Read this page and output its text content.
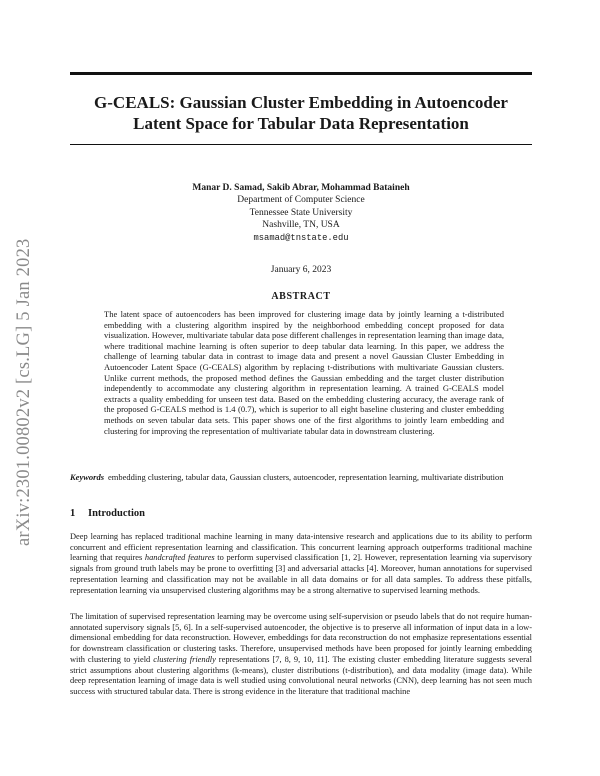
G-CEALS: Gaussian Cluster Embedding in Autoencoder
Latent Space for Tabular Data Representation
arXiv:2301.00802v2 [cs.LG] 5 Jan 2023
Manar D. Samad, Sakib Abrar, Mohammad Bataineh
Department of Computer Science
Tennessee State University
Nashville, TN, USA
msamad@tnstate.edu
January 6, 2023
ABSTRACT
The latent space of autoencoders has been improved for clustering image data by jointly learning a t-distributed embedding with a clustering algorithm inspired by the neighborhood embedding concept proposed for data visualization. However, multivariate tabular data pose different challenges in representation learning than image data, where traditional machine learning is often superior to deep tabular data learning. In this paper, we address the challenge of learning tabular data in contrast to image data and present a novel Gaussian Cluster Embedding in Autoencoder Latent Space (G-CEALS) algorithm by replacing t-distributions with multivariate Gaussian clusters. Unlike current methods, the proposed method defines the Gaussian embedding and the target cluster distribution independently to accommodate any clustering algorithm in representation learning. A trained G-CEALS model extracts a quality embedding for unseen test data. Based on the embedding clustering accuracy, the average rank of the proposed G-CEALS method is 1.4 (0.7), which is superior to all eight baseline clustering and cluster embedding methods on seven tabular data sets. This paper shows one of the first algorithms to jointly learn embedding and clustering for improving the representation of multivariate tabular data in downstream clustering.
Keywords embedding clustering, tabular data, Gaussian clusters, autoencoder, representation learning, multivariate distribution
1 Introduction
Deep learning has replaced traditional machine learning in many data-intensive research and applications due to its ability to perform concurrent and efficient representation learning and classification. This concurrent learning approach outperforms traditional machine learning that requires handcrafted features to perform supervised classification [1, 2]. However, representation learning via supervisory signals from ground truth labels may be prone to overfitting [3] and adversarial attacks [4]. Moreover, human annotations for supervised representation learning and classification may not be available in all data domains or for all data samples. To address these pitfalls, representation learning via unsupervised clustering algorithms may be a strong alternative to supervised learning methods.
The limitation of supervised representation learning may be overcome using self-supervision or pseudo labels that do not require human-annotated supervisory signals [5, 6]. In a self-supervised autoencoder, the objective is to preserve all information of input data in a low-dimensional embedding for data reconstruction. However, embeddings for data reconstruction do not emphasize representations essential for downstream classification or clustering tasks. Therefore, unsupervised methods have been proposed for jointly learning embedding with clustering to yield clustering friendly representations [7, 8, 9, 10, 11]. The existing cluster embedding literature suggests several strict assumptions about clustering algorithms (k-means), cluster distributions (t-distribution), and data modality (image data). While deep representation learning of image data is well studied using convolutional neural networks (CNN), deep learning has not seen much success with structured tabular data. There is strong evidence in the literature that traditional machine
